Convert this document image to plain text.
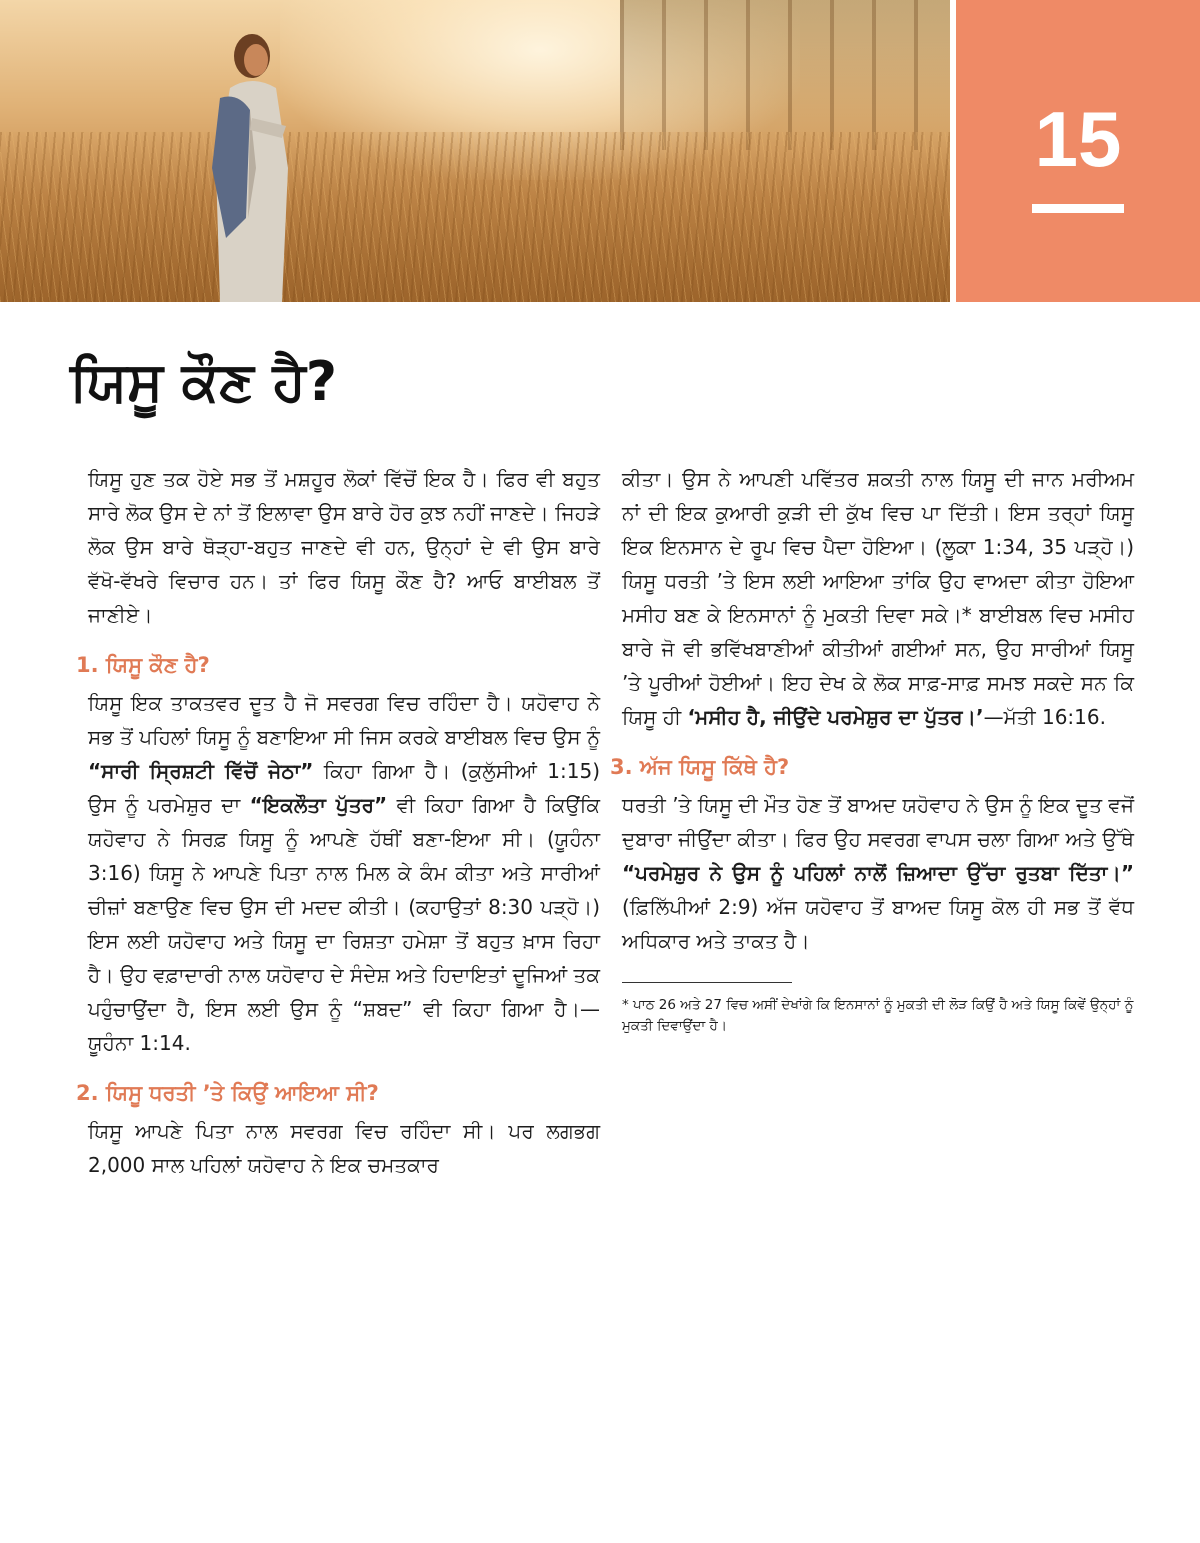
15
ਯਿਸੂ ਕੌਣ ਹੈ?

ਯਿਸੂ ਹੁਣ ਤਕ ਹੋਏ ਸਭ ਤੋਂ ਮਸ਼ਹੂਰ ਲੋਕਾਂ ਵਿੱਚੋਂ ਇਕ ਹੈ। ਫਿਰ ਵੀ ਬਹੁਤ ਸਾਰੇ ਲੋਕ ਉਸ ਦੇ ਨਾਂ ਤੋਂ ਇਲਾਵਾ ਉਸ ਬਾਰੇ ਹੋਰ ਕੁਝ ਨਹੀਂ ਜਾਣਦੇ। ਜਿਹੜੇ ਲੋਕ ਉਸ ਬਾਰੇ ਥੋੜ੍ਹਾ-ਬਹੁਤ ਜਾਣਦੇ ਵੀ ਹਨ, ਉਨ੍ਹਾਂ ਦੇ ਵੀ ਉਸ ਬਾਰੇ ਵੱਖੋ-ਵੱਖਰੇ ਵਿਚਾਰ ਹਨ। ਤਾਂ ਫਿਰ ਯਿਸੂ ਕੌਣ ਹੈ? ਆਓ ਬਾਈਬਲ ਤੋਂ ਜਾਣੀਏ।

1. ਯਿਸੂ ਕੌਣ ਹੈ?

ਯਿਸੂ ਇਕ ਤਾਕਤਵਰ ਦੂਤ ਹੈ ਜੋ ਸਵਰਗ ਵਿਚ ਰਹਿੰਦਾ ਹੈ। ਯਹੋਵਾਹ ਨੇ ਸਭ ਤੋਂ ਪਹਿਲਾਂ ਯਿਸੂ ਨੂੰ ਬਣਾਇਆ ਸੀ ਜਿਸ ਕਰਕੇ ਬਾਈਬਲ ਵਿਚ ਉਸ ਨੂੰ “ਸਾਰੀ ਸ੍ਰਿਸ਼ਟੀ ਵਿੱਚੋਂ ਜੇਠਾ” ਕਿਹਾ ਗਿਆ ਹੈ। (ਕੁਲੁੱਸੀਆਂ 1:15) ਉਸ ਨੂੰ ਪਰਮੇਸ਼ੁਰ ਦਾ “ਇਕਲੌਤਾ ਪੁੱਤਰ” ਵੀ ਕਿਹਾ ਗਿਆ ਹੈ ਕਿਉਂਕਿ ਯਹੋਵਾਹ ਨੇ ਸਿਰਫ਼ ਯਿਸੂ ਨੂੰ ਆਪਣੇ ਹੱਥੀਂ ਬਣਾ-ਇਆ ਸੀ। (ਯੂਹੰਨਾ 3:16) ਯਿਸੂ ਨੇ ਆਪਣੇ ਪਿਤਾ ਨਾਲ ਮਿਲ ਕੇ ਕੰਮ ਕੀਤਾ ਅਤੇ ਸਾਰੀਆਂ ਚੀਜ਼ਾਂ ਬਣਾਉਣ ਵਿਚ ਉਸ ਦੀ ਮਦਦ ਕੀਤੀ। (ਕਹਾਉਤਾਂ 8:30 ਪੜ੍ਹੋ।) ਇਸ ਲਈ ਯਹੋਵਾਹ ਅਤੇ ਯਿਸੂ ਦਾ ਰਿਸ਼ਤਾ ਹਮੇਸ਼ਾ ਤੋਂ ਬਹੁਤ ਖ਼ਾਸ ਰਿਹਾ ਹੈ। ਉਹ ਵਫ਼ਾਦਾਰੀ ਨਾਲ ਯਹੋਵਾਹ ਦੇ ਸੰਦੇਸ਼ ਅਤੇ ਹਿਦਾਇਤਾਂ ਦੂਜਿਆਂ ਤਕ ਪਹੁੰਚਾਉਂਦਾ ਹੈ, ਇਸ ਲਈ ਉਸ ਨੂੰ “ਸ਼ਬਦ” ਵੀ ਕਿਹਾ ਗਿਆ ਹੈ।—ਯੂਹੰਨਾ 1:14.

2. ਯਿਸੂ ਧਰਤੀ ’ਤੇ ਕਿਉਂ ਆਇਆ ਸੀ?

ਯਿਸੂ ਆਪਣੇ ਪਿਤਾ ਨਾਲ ਸਵਰਗ ਵਿਚ ਰਹਿੰਦਾ ਸੀ। ਪਰ ਲਗਭਗ 2,000 ਸਾਲ ਪਹਿਲਾਂ ਯਹੋਵਾਹ ਨੇ ਇਕ ਚਮਤਕਾਰ

ਕੀਤਾ। ਉਸ ਨੇ ਆਪਣੀ ਪਵਿੱਤਰ ਸ਼ਕਤੀ ਨਾਲ ਯਿਸੂ ਦੀ ਜਾਨ ਮਰੀਅਮ ਨਾਂ ਦੀ ਇਕ ਕੁਆਰੀ ਕੁੜੀ ਦੀ ਕੁੱਖ ਵਿਚ ਪਾ ਦਿੱਤੀ। ਇਸ ਤਰ੍ਹਾਂ ਯਿਸੂ ਇਕ ਇਨਸਾਨ ਦੇ ਰੂਪ ਵਿਚ ਪੈਦਾ ਹੋਇਆ। (ਲੂਕਾ 1:34, 35 ਪੜ੍ਹੋ।) ਯਿਸੂ ਧਰਤੀ ’ਤੇ ਇਸ ਲਈ ਆਇਆ ਤਾਂਕਿ ਉਹ ਵਾਅਦਾ ਕੀਤਾ ਹੋਇਆ ਮਸੀਹ ਬਣ ਕੇ ਇਨਸਾਨਾਂ ਨੂੰ ਮੁਕਤੀ ਦਿਵਾ ਸਕੇ।* ਬਾਈਬਲ ਵਿਚ ਮਸੀਹ ਬਾਰੇ ਜੋ ਵੀ ਭਵਿੱਖਬਾਣੀਆਂ ਕੀਤੀਆਂ ਗਈਆਂ ਸਨ, ਉਹ ਸਾਰੀਆਂ ਯਿਸੂ ’ਤੇ ਪੂਰੀਆਂ ਹੋਈਆਂ। ਇਹ ਦੇਖ ਕੇ ਲੋਕ ਸਾਫ਼-ਸਾਫ਼ ਸਮਝ ਸਕਦੇ ਸਨ ਕਿ ਯਿਸੂ ਹੀ ‘ਮਸੀਹ ਹੈ, ਜੀਉਂਦੇ ਪਰਮੇਸ਼ੁਰ ਦਾ ਪੁੱਤਰ।’—ਮੱਤੀ 16:16.

3. ਅੱਜ ਯਿਸੂ ਕਿੱਥੇ ਹੈ?

ਧਰਤੀ ’ਤੇ ਯਿਸੂ ਦੀ ਮੌਤ ਹੋਣ ਤੋਂ ਬਾਅਦ ਯਹੋਵਾਹ ਨੇ ਉਸ ਨੂੰ ਇਕ ਦੂਤ ਵਜੋਂ ਦੁਬਾਰਾ ਜੀਉਂਦਾ ਕੀਤਾ। ਫਿਰ ਉਹ ਸਵਰਗ ਵਾਪਸ ਚਲਾ ਗਿਆ ਅਤੇ ਉੱਥੇ “ਪਰਮੇਸ਼ੁਰ ਨੇ ਉਸ ਨੂੰ ਪਹਿਲਾਂ ਨਾਲੋਂ ਜ਼ਿਆਦਾ ਉੱਚਾ ਰੁਤਬਾ ਦਿੱਤਾ।” (ਫ਼ਿਲਿੱਪੀਆਂ 2:9) ਅੱਜ ਯਹੋਵਾਹ ਤੋਂ ਬਾਅਦ ਯਿਸੂ ਕੋਲ ਹੀ ਸਭ ਤੋਂ ਵੱਧ ਅਧਿਕਾਰ ਅਤੇ ਤਾਕਤ ਹੈ।

* ਪਾਠ 26 ਅਤੇ 27 ਵਿਚ ਅਸੀਂ ਦੇਖਾਂਗੇ ਕਿ ਇਨਸਾਨਾਂ ਨੂੰ ਮੁਕਤੀ ਦੀ ਲੋੜ ਕਿਉਂ ਹੈ ਅਤੇ ਯਿਸੂ ਕਿਵੇਂ ਉਨ੍ਹਾਂ ਨੂੰ ਮੁਕਤੀ ਦਿਵਾਉਂਦਾ ਹੈ।
